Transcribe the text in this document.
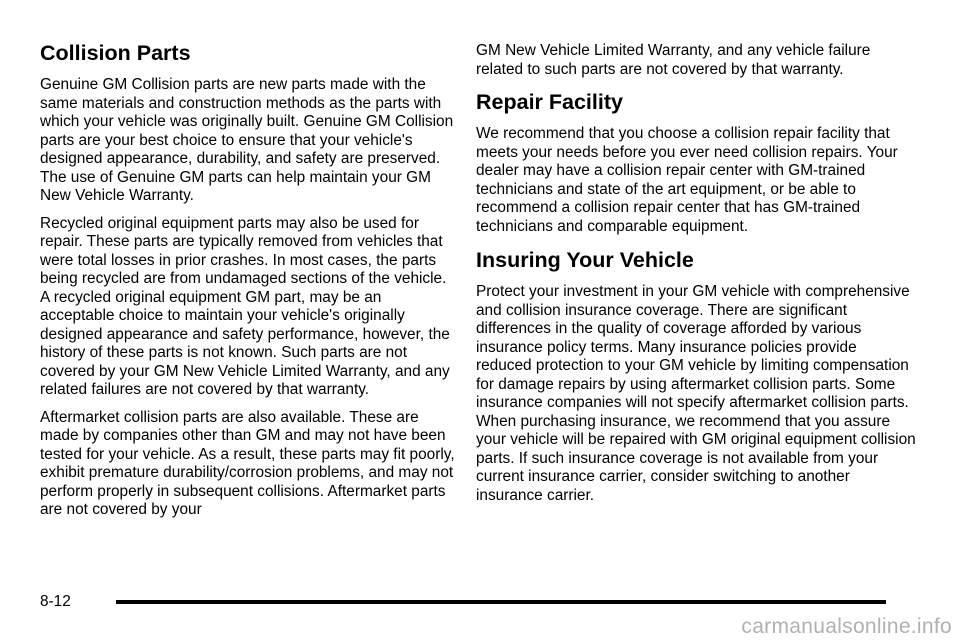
Collision Parts

Genuine GM Collision parts are new parts made with the same materials and construction methods as the parts with which your vehicle was originally built. Genuine GM Collision parts are your best choice to ensure that your vehicle's designed appearance, durability, and safety are preserved. The use of Genuine GM parts can help maintain your GM New Vehicle Warranty.

Recycled original equipment parts may also be used for repair. These parts are typically removed from vehicles that were total losses in prior crashes. In most cases, the parts being recycled are from undamaged sections of the vehicle. A recycled original equipment GM part, may be an acceptable choice to maintain your vehicle's originally designed appearance and safety performance, however, the history of these parts is not known. Such parts are not covered by your GM New Vehicle Limited Warranty, and any related failures are not covered by that warranty.

Aftermarket collision parts are also available. These are made by companies other than GM and may not have been tested for your vehicle. As a result, these parts may fit poorly, exhibit premature durability/corrosion problems, and may not perform properly in subsequent collisions. Aftermarket parts are not covered by your

GM New Vehicle Limited Warranty, and any vehicle failure related to such parts are not covered by that warranty.

Repair Facility

We recommend that you choose a collision repair facility that meets your needs before you ever need collision repairs. Your dealer may have a collision repair center with GM-trained technicians and state of the art equipment, or be able to recommend a collision repair center that has GM-trained technicians and comparable equipment.

Insuring Your Vehicle

Protect your investment in your GM vehicle with comprehensive and collision insurance coverage. There are significant differences in the quality of coverage afforded by various insurance policy terms. Many insurance policies provide reduced protection to your GM vehicle by limiting compensation for damage repairs by using aftermarket collision parts. Some insurance companies will not specify aftermarket collision parts. When purchasing insurance, we recommend that you assure your vehicle will be repaired with GM original equipment collision parts. If such insurance coverage is not available from your current insurance carrier, consider switching to another insurance carrier.

8-12
carmanualsonline.info
